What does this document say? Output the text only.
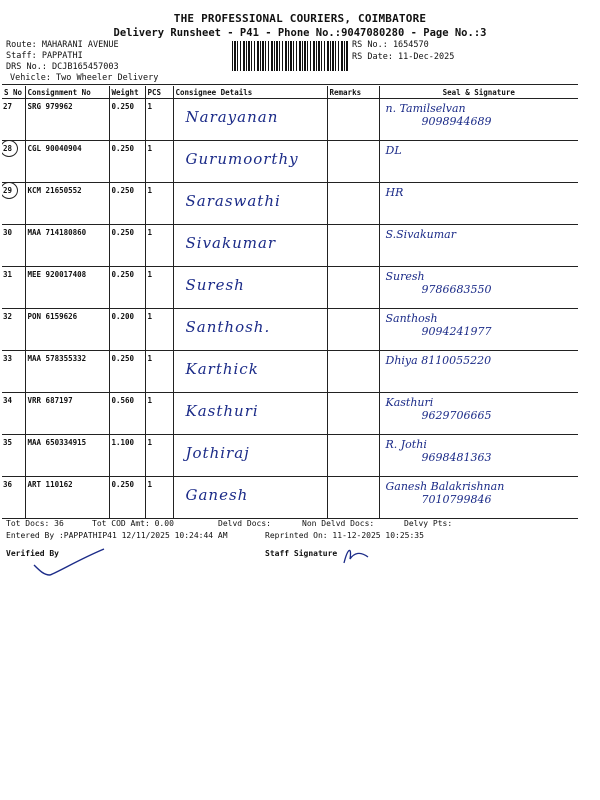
THE PROFESSIONAL COURIERS, COIMBATORE
Delivery Runsheet - P41 - Phone No.:9047080280 - Page No.:3
Route: MAHARANI AVENUE
Staff: PAPPATHI
DRS No.: DCJB165457003
Vehicle: Two Wheeler Delivery
RS No.: 1654570
RS Date: 11-Dec-2025
S No	Consignment No	Weight	PCS	Consignee Details	Remarks	Seal & Signature
27	SRG 979962	0.250	1	Narayanan		n. Tamilselvan
9098944689

28	CGL 90040904	0.250	1	Gurumoorthy		DL

29	KCM 21650552	0.250	1	Saraswathi		HR

30	MAA 714180860	0.250	1	Sivakumar		S.Sivakumar

31	MEE 920017408	0.250	1	Suresh		Suresh
9786683550

32	PON 6159626	0.200	1	Santhosh.		Santhosh
9094241977

33	MAA 578355332	0.250	1	Karthick		Dhiya 8110055220

34	VRR 687197	0.560	1	Kasthuri		Kasthuri
9629706665

35	MAA 650334915	1.100	1	Jothiraj		R. Jothi
9698481363

36	ART 110162	0.250	1	Ganesh		Ganesh Balakrishnan
7010799846
Tot Docs: 36	Tot COD Amt: 0.00	Delvd Docs:	Non Delvd Docs:	Delvy Pts:
Entered By :PAPPATHIP41 12/11/2025 10:24:44 AM	Reprinted On: 11-12-2025 10:25:35
Verified By	Staff Signature
